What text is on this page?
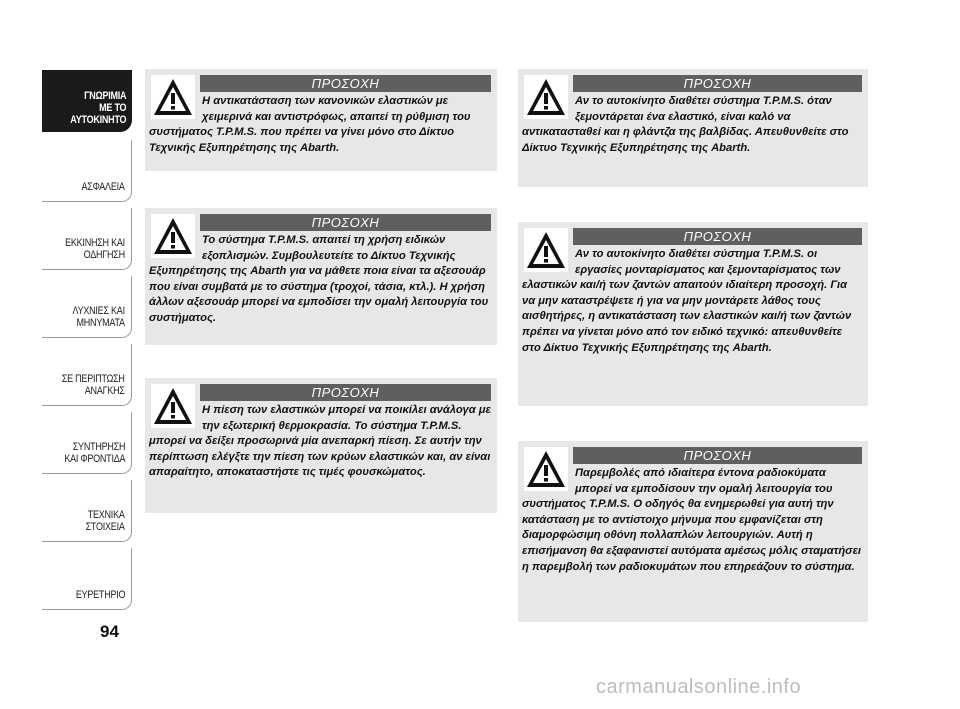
ΓΝΩΡΙΜΙΑ
ΜΕ ΤΟ
ΑΥΤΟΚΙΝΗΤΟ
ΑΣΦΑΛΕΙΑ
ΕΚΚΙΝΗΣΗ ΚΑΙ
ΟΔΗΓΗΣΗ
ΛΥΧΝΙΕΣ ΚΑΙ
ΜΗΝΥΜΑΤΑ
ΣΕ ΠΕΡΙΠΤΩΣΗ
ΑΝΑΓΚΗΣ
ΣΥΝΤΗΡΗΣΗ
ΚΑΙ ΦΡΟΝΤΙΔΑ
ΤΕΧΝΙΚΑ
ΣΤΟΙΧΕΙΑ
ΕΥΡΕΤΗΡΙΟ
94
ΠΡΟΣΟΧΗ
Η αντικατάσταση των κανονικών ελαστικών με χειμερινά και αντιστρόφως, απαιτεί τη ρύθμιση του συστήματος T.P.M.S. που πρέπει να γίνει μόνο στο Δίκτυο Τεχνικής Εξυπηρέτησης της Abarth.
ΠΡΟΣΟΧΗ
Το σύστημα T.P.M.S. απαιτεί τη χρήση ειδικών εξοπλισμών. Συμβουλευτείτε το Δίκτυο Τεχνικής Εξυπηρέτησης της Abarth για να μάθετε ποια είναι τα αξεσουάρ που είναι συμβατά με το σύστημα (τροχοί, τάσια, κτλ.). Η χρήση άλλων αξεσουάρ μπορεί να εμποδίσει την ομαλή λειτουργία του συστήματος.
ΠΡΟΣΟΧΗ
Η πίεση των ελαστικών μπορεί να ποικίλει ανάλογα με την εξωτερική θερμοκρασία. Το σύστημα T.P.M.S. μπορεί να δείξει προσωρινά μία ανεπαρκή πίεση. Σε αυτήν την περίπτωση ελέγξτε την πίεση των κρύων ελαστικών και, αν είναι απαραίτητο, αποκαταστήστε τις τιμές φουσκώματος.
ΠΡΟΣΟΧΗ
Αν το αυτοκίνητο διαθέτει σύστημα T.P.M.S. όταν ξεμοντάρεται ένα ελαστικό, είναι καλό να αντικατασταθεί και η φλάντζα της βαλβίδας. Απευθυνθείτε στο Δίκτυο Τεχνικής Εξυπηρέτησης της Abarth.
ΠΡΟΣΟΧΗ
Αν το αυτοκίνητο διαθέτει σύστημα T.P.M.S. οι εργασίες μονταρίσματος και ξεμονταρίσματος των ελαστικών και/ή των ζαντών απαιτούν ιδιαίτερη προσοχή. Για να μην καταστρέψετε ή για να μην μοντάρετε λάθος τους αισθητήρες, η αντικατάσταση των ελαστικών και/ή των ζαντών πρέπει να γίνεται μόνο από τον ειδικό τεχνικό: απευθυνθείτε στο Δίκτυο Τεχνικής Εξυπηρέτησης της Abarth.
ΠΡΟΣΟΧΗ
Παρεμβολές από ιδιαίτερα έντονα ραδιοκύματα μπορεί να εμποδίσουν την ομαλή λειτουργία του συστήματος T.P.M.S. Ο οδηγός θα ενημερωθεί για αυτή την κατάσταση με το αντίστοιχο μήνυμα που εμφανίζεται στη διαμορφώσιμη οθόνη πολλαπλών λειτουργιών. Αυτή η επισήμανση θα εξαφανιστεί αυτόματα αμέσως μόλις σταματήσει η παρεμβολή των ραδιοκυμάτων που επηρεάζουν το σύστημα.
carmanualsonline.info
